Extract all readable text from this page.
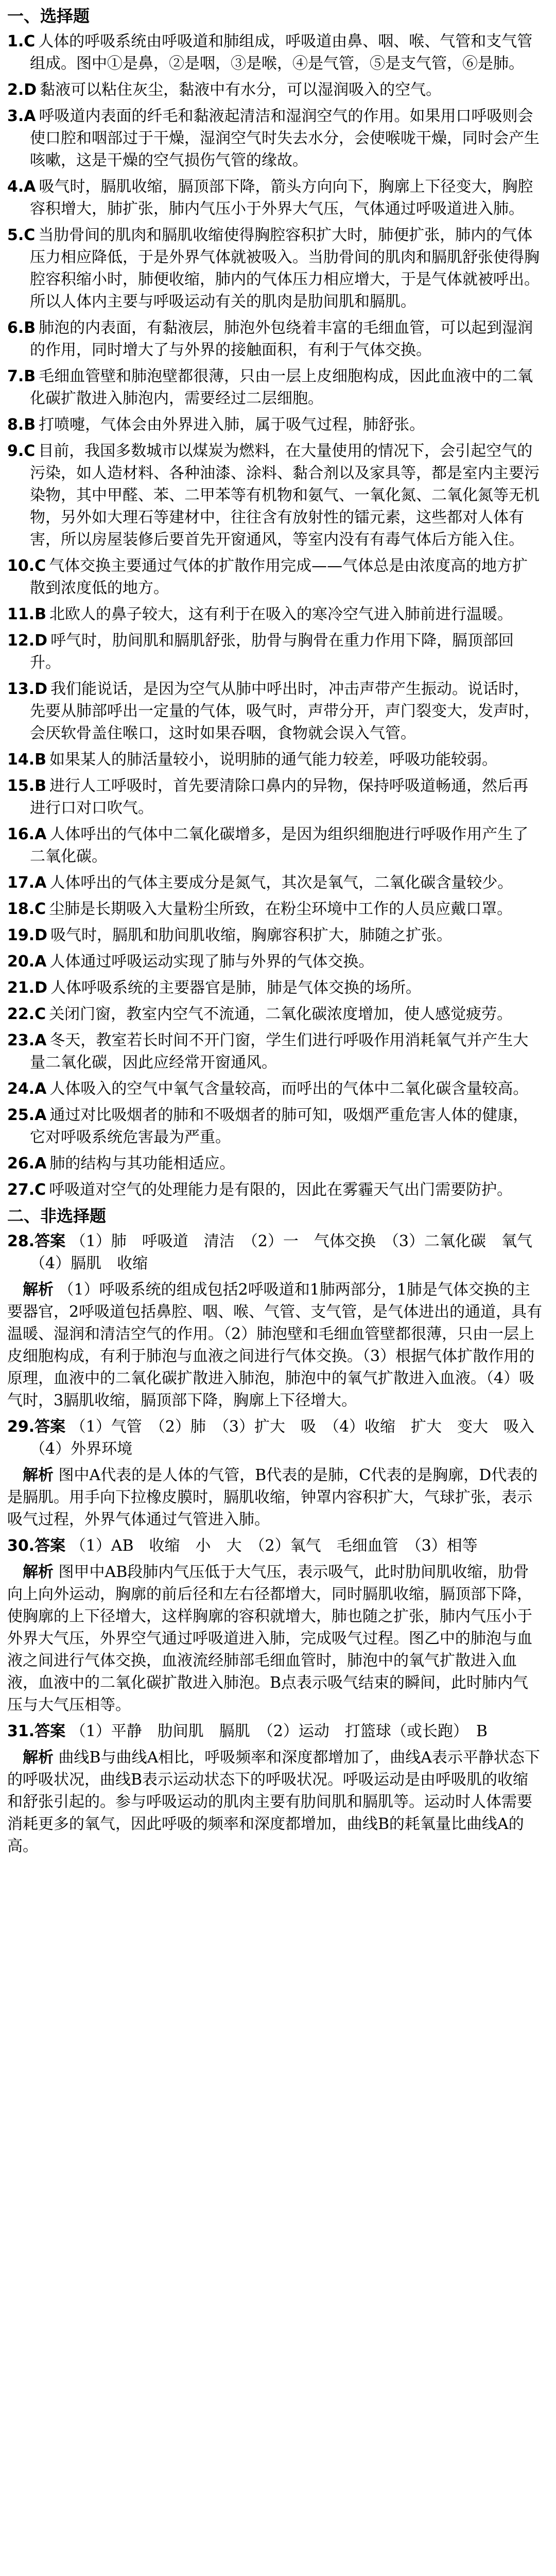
一、选择题
1.C 人体的呼吸系统由呼吸道和肺组成，呼吸道由鼻、咽、喉、气管和支气管组成。图中①是鼻，②是咽，③是喉，④是气管，⑤是支气管，⑥是肺。
2.D 黏液可以粘住灰尘，黏液中有水分，可以湿润吸入的空气。
3.A 呼吸道内表面的纤毛和黏液起清洁和湿润空气的作用。如果用口呼吸则会使口腔和咽部过于干燥，湿润空气时失去水分，会使喉咙干燥，同时会产生咳嗽，这是干燥的空气损伤气管的缘故。
4.A 吸气时，膈肌收缩，膈顶部下降，箭头方向向下，胸廓上下径变大，胸腔容积增大，肺扩张，肺内气压小于外界大气压，气体通过呼吸道进入肺。
5.C 当肋骨间的肌肉和膈肌收缩使得胸腔容积扩大时，肺便扩张，肺内的气体压力相应降低，于是外界气体就被吸入。当肋骨间的肌肉和膈肌舒张使得胸腔容积缩小时，肺便收缩，肺内的气体压力相应增大，于是气体就被呼出。所以人体内主要与呼吸运动有关的肌肉是肋间肌和膈肌。
6.B 肺泡的内表面，有黏液层，肺泡外包绕着丰富的毛细血管，可以起到湿润的作用，同时增大了与外界的接触面积，有利于气体交换。
7.B 毛细血管壁和肺泡壁都很薄，只由一层上皮细胞构成，因此血液中的二氧化碳扩散进入肺泡内，需要经过二层细胞。
8.B 打喷嚏，气体会由外界进入肺，属于吸气过程，肺舒张。
9.C 目前，我国多数城市以煤炭为燃料，在大量使用的情况下，会引起空气的污染，如人造材料、各种油漆、涂料、黏合剂以及家具等，都是室内主要污染物，其中甲醛、苯、二甲苯等有机物和氨气、一氧化氮、二氧化氮等无机物，另外如大理石等建材中，往往含有放射性的镭元素，这些都对人体有害，所以房屋装修后要首先开窗通风，等室内没有有毒气体后方能入住。
10.C 气体交换主要通过气体的扩散作用完成——气体总是由浓度高的地方扩散到浓度低的地方。
11.B 北欧人的鼻子较大，这有利于在吸入的寒冷空气进入肺前进行温暖。
12.D 呼气时，肋间肌和膈肌舒张，肋骨与胸骨在重力作用下降，膈顶部回升。
13.D 我们能说话，是因为空气从肺中呼出时，冲击声带产生振动。说话时，先要从肺部呼出一定量的气体，吸气时，声带分开，声门裂变大，发声时，会厌软骨盖住喉口，这时如果吞咽，食物就会误入气管。
14.B 如果某人的肺活量较小，说明肺的通气能力较差，呼吸功能较弱。
15.B 进行人工呼吸时，首先要清除口鼻内的异物，保持呼吸道畅通，然后再进行口对口吹气。
16.A 人体呼出的气体中二氧化碳增多，是因为组织细胞进行呼吸作用产生了二氧化碳。
17.A 人体呼出的气体主要成分是氮气，其次是氧气，二氧化碳含量较少。
18.C 尘肺是长期吸入大量粉尘所致，在粉尘环境中工作的人员应戴口罩。
19.D 吸气时，膈肌和肋间肌收缩，胸廓容积扩大，肺随之扩张。
20.A 人体通过呼吸运动实现了肺与外界的气体交换。
21.D 人体呼吸系统的主要器官是肺，肺是气体交换的场所。
22.C 关闭门窗，教室内空气不流通，二氧化碳浓度增加，使人感觉疲劳。
23.A 冬天，教室若长时间不开门窗，学生们进行呼吸作用消耗氧气并产生大量二氧化碳，因此应经常开窗通风。
24.A 人体吸入的空气中氧气含量较高，而呼出的气体中二氧化碳含量较高。
25.A 通过对比吸烟者的肺和不吸烟者的肺可知，吸烟严重危害人体的健康，它对呼吸系统危害最为严重。
26.A 肺的结构与其功能相适应。
27.C 呼吸道对空气的处理能力是有限的，因此在雾霾天气出门需要防护。
二、非选择题
28.答案 （1）肺　呼吸道　清洁　（2）一　气体交换　（3）二氧化碳　氧气　（4）膈肌　收缩
解析 （1）呼吸系统的组成包括2呼吸道和1肺两部分，1肺是气体交换的主要器官，2呼吸道包括鼻腔、咽、喉、气管、支气管，是气体进出的通道，具有温暖、湿润和清洁空气的作用。（2）肺泡壁和毛细血管壁都很薄，只由一层上皮细胞构成，有利于肺泡与血液之间进行气体交换。（3）根据气体扩散作用的原理，血液中的二氧化碳扩散进入肺泡，肺泡中的氧气扩散进入血液。（4）吸气时，3膈肌收缩，膈顶部下降，胸廓上下径增大。
29.答案 （1）气管　（2）肺　（3）扩大　吸　（4）收缩　扩大　变大　吸入　（4）外界环境
解析 图中A代表的是人体的气管，B代表的是肺，C代表的是胸廓，D代表的是膈肌。用手向下拉橡皮膜时，膈肌收缩，钟罩内容积扩大，气球扩张，表示吸气过程，外界气体通过气管进入肺。
30.答案 （1）AB　收缩　小　大　（2）氧气　毛细血管　（3）相等
解析 图甲中AB段肺内气压低于大气压，表示吸气，此时肋间肌收缩，肋骨向上向外运动，胸廓的前后径和左右径都增大，同时膈肌收缩，膈顶部下降，使胸廓的上下径增大，这样胸廓的容积就增大，肺也随之扩张，肺内气压小于外界大气压，外界空气通过呼吸道进入肺，完成吸气过程。图乙中的肺泡与血液之间进行气体交换，血液流经肺部毛细血管时，肺泡中的氧气扩散进入血液，血液中的二氧化碳扩散进入肺泡。B点表示吸气结束的瞬间，此时肺内气压与大气压相等。
31.答案 （1）平静　肋间肌　膈肌　（2）运动　打篮球（或长跑）　B
解析 曲线B与曲线A相比，呼吸频率和深度都增加了，曲线A表示平静状态下的呼吸状况，曲线B表示运动状态下的呼吸状况。呼吸运动是由呼吸肌的收缩和舒张引起的。参与呼吸运动的肌肉主要有肋间肌和膈肌等。运动时人体需要消耗更多的氧气，因此呼吸的频率和深度都增加，曲线B的耗氧量比曲线A的高。
